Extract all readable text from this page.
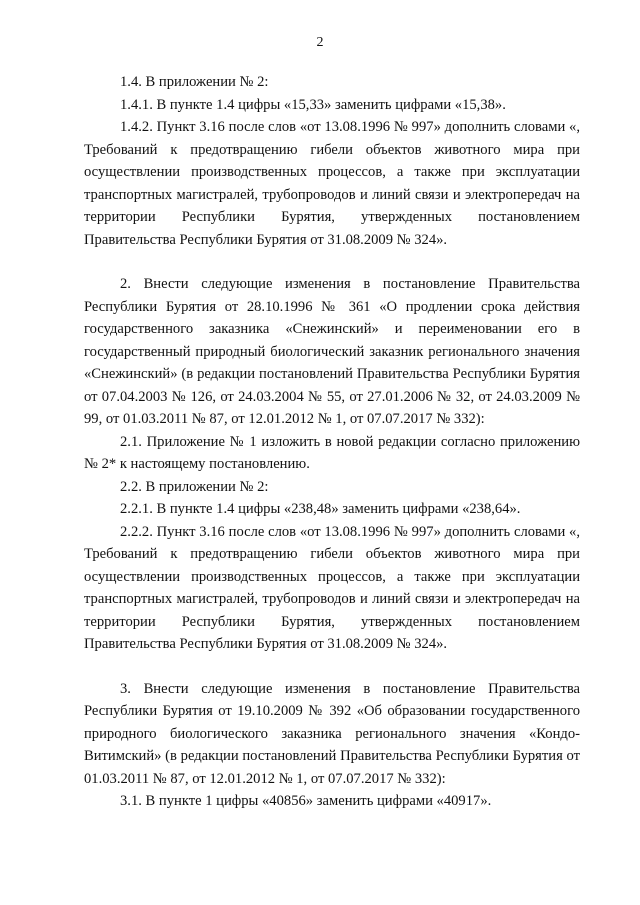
2

1.4. В приложении № 2:

1.4.1. В пункте 1.4 цифры «15,33» заменить цифрами «15,38».

1.4.2. Пункт 3.16 после слов «от 13.08.1996 № 997» дополнить словами «, Требований к предотвращению гибели объектов животного мира при осуществлении производственных процессов, а также при эксплуатации транспортных магистралей, трубопроводов и линий связи и электропередач на территории Республики Бурятия, утвержденных постановлением Правительства Республики Бурятия от 31.08.2009 № 324».

2. Внести следующие изменения в постановление Правительства Республики Бурятия от 28.10.1996 № 361 «О продлении срока действия государственного заказника «Снежинский» и переименовании его в государственный природный биологический заказник регионального значения «Снежинский» (в редакции постановлений Правительства Республики Бурятия от 07.04.2003 № 126, от 24.03.2004 № 55, от 27.01.2006 № 32, от 24.03.2009 № 99, от 01.03.2011 № 87, от 12.01.2012 № 1, от 07.07.2017 № 332):

2.1. Приложение № 1 изложить в новой редакции согласно приложению № 2* к настоящему постановлению.

2.2. В приложении № 2:

2.2.1. В пункте 1.4 цифры «238,48» заменить цифрами «238,64».

2.2.2. Пункт 3.16 после слов «от 13.08.1996 № 997» дополнить словами «, Требований к предотвращению гибели объектов животного мира при осуществлении производственных процессов, а также при эксплуатации транспортных магистралей, трубопроводов и линий связи и электропередач на территории Республики Бурятия, утвержденных постановлением Правительства Республики Бурятия от 31.08.2009 № 324».

3. Внести следующие изменения в постановление Правительства Республики Бурятия от 19.10.2009 № 392 «Об образовании государственного природного биологического заказника регионального значения «Кондо-Витимский» (в редакции постановлений Правительства Республики Бурятия от 01.03.2011 № 87, от 12.01.2012 № 1, от 07.07.2017 № 332):

3.1. В пункте 1 цифры «40856» заменить цифрами «40917».
